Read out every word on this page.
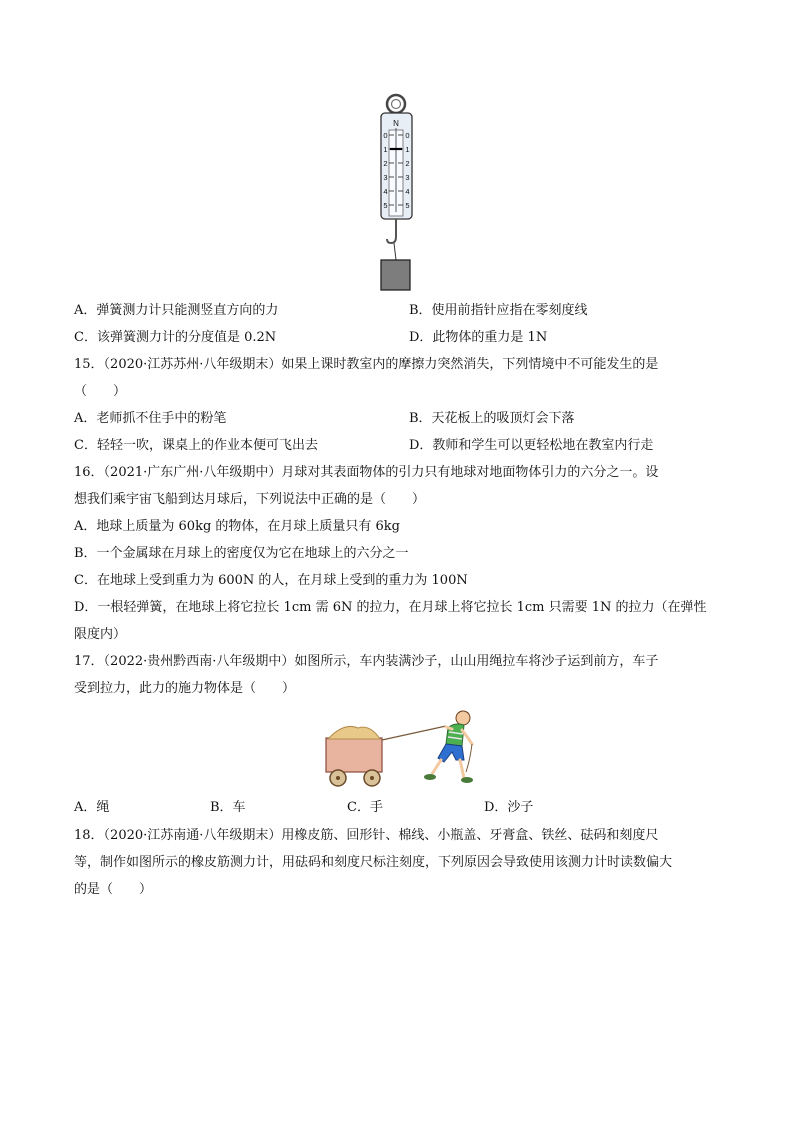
N
0
1
2
3
4
5
0
1
2
3
4
5
A．弹簧测力计只能测竖直方向的力	B．使用前指针应指在零刻度线
C．该弹簧测力计的分度值是 0.2N	D．此物体的重力是 1N
15．（2020·江苏苏州·八年级期末）如果上课时教室内的摩擦力突然消失，下列情境中不可能发生的是
（　　）
A．老师抓不住手中的粉笔	B．天花板上的吸顶灯会下落
C．轻轻一吹，课桌上的作业本便可飞出去	D．教师和学生可以更轻松地在教室内行走
16．（2021·广东广州·八年级期中）月球对其表面物体的引力只有地球对地面物体引力的六分之一。设
想我们乘宇宙飞船到达月球后，下列说法中正确的是（　　）
A．地球上质量为 60kg 的物体，在月球上质量只有 6kg
B．一个金属球在月球上的密度仅为它在地球上的六分之一
C．在地球上受到重力为 600N 的人，在月球上受到的重力为 100N
D．一根轻弹簧，在地球上将它拉长 1cm 需 6N 的拉力，在月球上将它拉长 1cm 只需要 1N 的拉力（在弹性
限度内）
17．（2022·贵州黔西南·八年级期中）如图所示，车内装满沙子，山山用绳拉车将沙子运到前方，车子
受到拉力，此力的施力物体是（　　）
A．绳	B．车	C．手	D．沙子
18．（2020·江苏南通·八年级期末）用橡皮筋、回形针、棉线、小瓶盖、牙膏盒、铁丝、砝码和刻度尺
等，制作如图所示的橡皮筋测力计，用砝码和刻度尺标注刻度，下列原因会导致使用该测力计时读数偏大
的是（　　）
